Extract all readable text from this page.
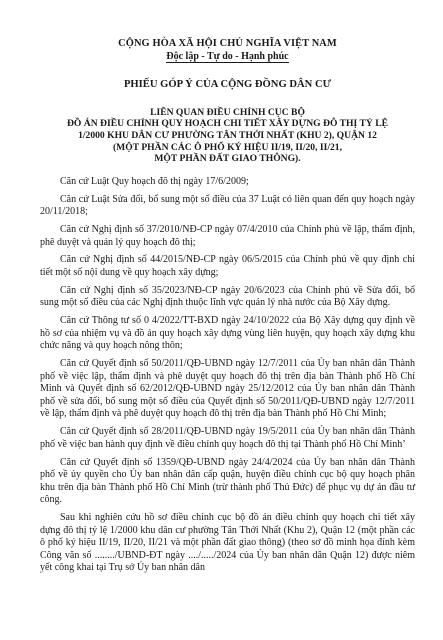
CỘNG HÒA XÃ HỘI CHỦ NGHĨA VIỆT NAM
Độc lập - Tự do - Hạnh phúc
PHIẾU GÓP Ý CỦA CỘNG ĐỒNG DÂN CƯ
LIÊN QUAN ĐIỀU CHỈNH CỤC BỘ
ĐỒ ÁN ĐIỀU CHỈNH QUY HOẠCH CHI TIẾT XÂY DỰNG ĐÔ THỊ TỶ LỆ
1/2000 KHU DÂN CƯ PHƯỜNG TÂN THỚI NHẤT (KHU 2), QUẬN 12
(MỘT PHẦN CÁC Ô PHỐ KÝ HIỆU II/19, II/20, II/21,
MỘT PHẦN ĐẤT GIAO THÔNG).

Căn cứ Luật Quy hoạch đô thị ngày 17/6/2009;

Căn cứ Luật Sửa đổi, bổ sung một số điều của 37 Luật có liên quan đến quy hoạch ngày 20/11/2018;

Căn cứ Nghị định số 37/2010/NĐ-CP ngày 07/4/2010 của Chính phủ về lập, thẩm định, phê duyệt và quản lý quy hoạch đô thị;

Căn cứ Nghị định số 44/2015/NĐ-CP ngày 06/5/2015 của Chính phủ về quy định chi tiết một số nội dung về quy hoạch xây dựng;

Căn cứ Nghị định số 35/2023/NĐ-CP ngày 20/6/2023 của Chính phủ về Sửa đổi, bổ sung một số điều của các Nghị định thuộc lĩnh vực quản lý nhà nước của Bộ Xây dựng.

Căn cứ Thông tư số 0 4/2022/TT-BXD ngày 24/10/2022 của Bộ Xây dựng quy định về hồ sơ của nhiệm vụ và đồ án quy hoạch xây dựng vùng liên huyện, quy hoạch xây dựng khu chức năng và quy hoạch nông thôn;

Căn cứ Quyết định số 50/2011/QĐ-UBND ngày 12/7/2011 của Ủy ban nhân dân Thành phố về việc lập, thẩm định và phê duyệt quy hoạch đô thị trên địa bàn Thành phố Hồ Chí Minh và Quyết định số 62/2012/QĐ-UBND ngày 25/12/2012 của Ủy ban nhân dân Thành phố về sửa đổi, bổ sung một số điều của Quyết định số 50/2011/QĐ-UBND ngày 12/7/2011 về lập, thẩm định và phê duyệt quy hoạch đô thị trên địa bàn Thành phố Hồ Chí Minh;

Căn cứ Quyết định số 28/2011/QĐ-UBND ngày 19/5/2011 của Ủy ban nhân dân Thành phố về việc ban hành quy định về điều chỉnh quy hoạch đô thị tại Thành phố Hồ Chí Minh’

Căn cứ Quyết định số 1359/QĐ-UBND ngày 24/4/2024 của Ủy ban nhân dân Thành phố về ủy quyền cho Ủy ban nhân dân cấp quận, huyện điều chỉnh cục bộ quy hoạch phân khu trên địa bàn Thành phố Hồ Chí Minh (trừ thành phố Thủ Đức) để phục vụ dự án đầu tư công.

Sau khi nghiên cứu hồ sơ điều chỉnh cục bộ đồ án điều chỉnh quy hoạch chi tiết xây dựng đô thị tỷ lệ 1/2000 khu dân cư phường Tân Thới Nhất (Khu 2), Quận 12 (một phần các ô phố ký hiệu II/19, II/20, II/21 và một phần đất giao thông) (theo sơ đồ minh họa đính kèm Công văn số ......../UBND-ĐT ngày ..../...../2024 của Ủy ban nhân dân Quận 12) được niêm yết công khai tại Trụ sở Ủy ban nhân dân
